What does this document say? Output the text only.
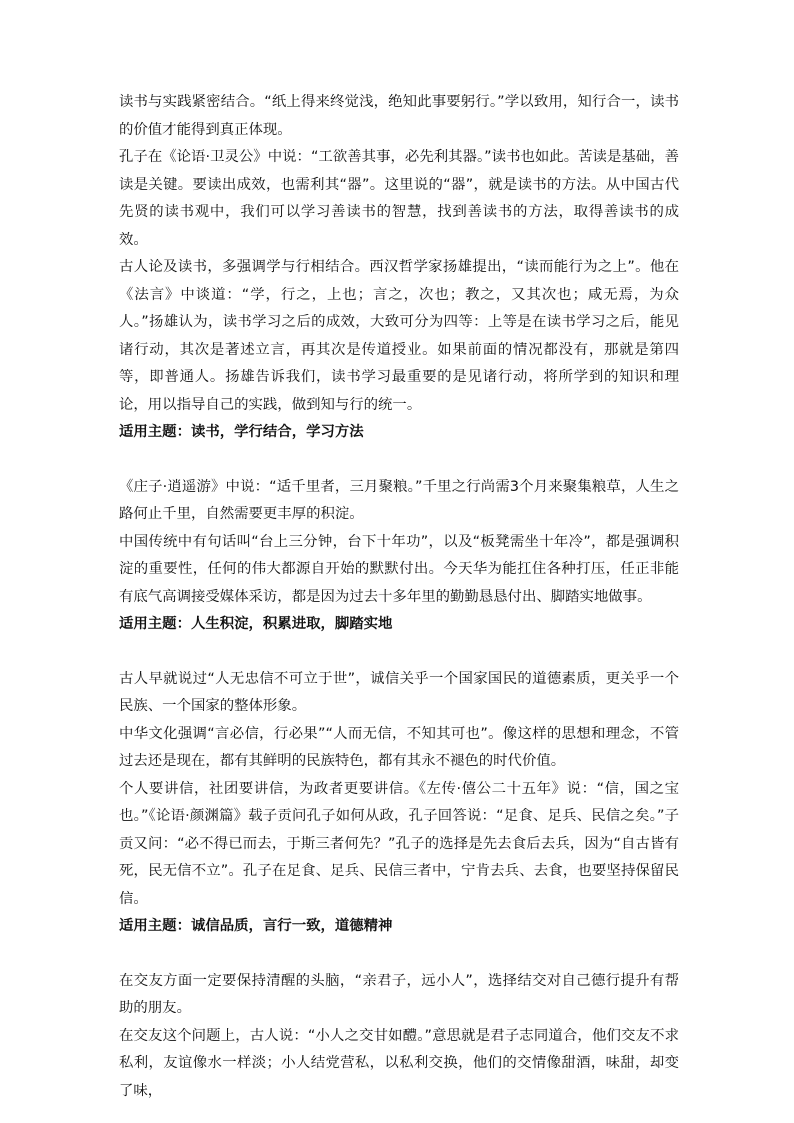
读书与实践紧密结合。“纸上得来终觉浅，绝知此事要躬行。”学以致用，知行合一，读书的价值才能得到真正体现。

孔子在《论语·卫灵公》中说：“工欲善其事，必先利其器。”读书也如此。苦读是基础，善读是关键。要读出成效，也需利其“器”。这里说的“器”，就是读书的方法。从中国古代先贤的读书观中，我们可以学习善读书的智慧，找到善读书的方法，取得善读书的成效。

古人论及读书，多强调学与行相结合。西汉哲学家扬雄提出，“读而能行为之上”。他在《法言》中谈道：“学，行之，上也；言之，次也；教之，又其次也；咸无焉，为众人。”扬雄认为，读书学习之后的成效，大致可分为四等：上等是在读书学习之后，能见诸行动，其次是著述立言，再其次是传道授业。如果前面的情况都没有，那就是第四等，即普通人。扬雄告诉我们，读书学习最重要的是见诸行动，将所学到的知识和理论，用以指导自己的实践，做到知与行的统一。

适用主题：读书，学行结合，学习方法

《庄子·逍遥游》中说：“适千里者，三月聚粮。”千里之行尚需3个月来聚集粮草，人生之路何止千里，自然需要更丰厚的积淀。

中国传统中有句话叫“台上三分钟，台下十年功”，以及“板凳需坐十年冷”，都是强调积淀的重要性，任何的伟大都源自开始的默默付出。今天华为能扛住各种打压，任正非能有底气高调接受媒体采访，都是因为过去十多年里的勤勤恳恳付出、脚踏实地做事。

适用主题：人生积淀，积累进取，脚踏实地

古人早就说过“人无忠信不可立于世”，诚信关乎一个国家国民的道德素质，更关乎一个民族、一个国家的整体形象。

中华文化强调“言必信，行必果”“人而无信，不知其可也”。像这样的思想和理念，不管过去还是现在，都有其鲜明的民族特色，都有其永不褪色的时代价值。

个人要讲信，社团要讲信，为政者更要讲信。《左传·僖公二十五年》说：“信，国之宝也。”《论语·颜渊篇》载子贡问孔子如何从政，孔子回答说：“足食、足兵、民信之矣。”子贡又问：“必不得已而去，于斯三者何先？”孔子的选择是先去食后去兵，因为“自古皆有死，民无信不立”。孔子在足食、足兵、民信三者中，宁肯去兵、去食，也要坚持保留民信。

适用主题：诚信品质，言行一致，道德精神

在交友方面一定要保持清醒的头脑，“亲君子，远小人”，选择结交对自己德行提升有帮助的朋友。

在交友这个问题上，古人说：“小人之交甘如醴。”意思就是君子志同道合，他们交友不求私利，友谊像水一样淡；小人结党营私，以私利交换，他们的交情像甜酒，味甜，却变了味，
